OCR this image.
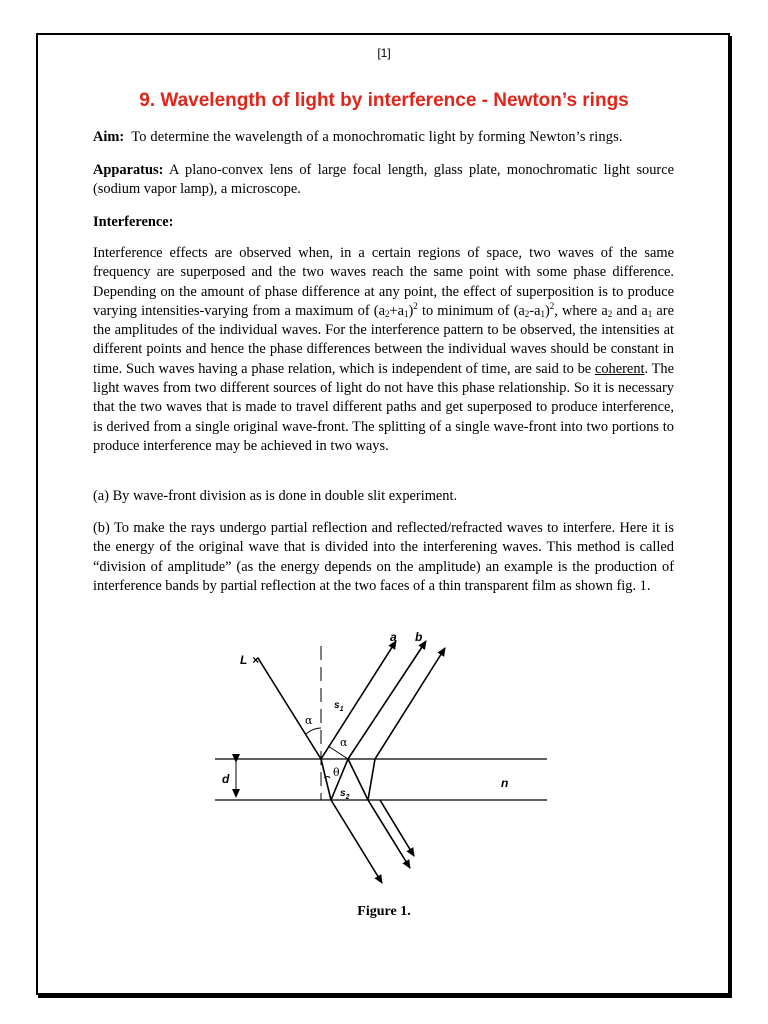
[1]
9. Wavelength of light by interference - Newton’s rings
Aim: To determine the wavelength of a monochromatic light by forming Newton’s rings.
Apparatus: A plano-convex lens of large focal length, glass plate, monochromatic light source (sodium vapor lamp), a microscope.
Interference:
Interference effects are observed when, in a certain regions of space, two waves of the same frequency are superposed and the two waves reach the same point with some phase difference. Depending on the amount of phase difference at any point, the effect of superposition is to produce varying intensities-varying from a maximum of $(a_2+a_1)^2$ to minimum of $(a_2-a_1)^2$, where $a_2$ and $a_1$ are the amplitudes of the individual waves. For the interference pattern to be observed, the intensities at different points and hence the phase differences between the individual waves should be constant in time. Such waves having a phase relation, which is independent of time, are said to be coherent. The light waves from two different sources of light do not have this phase relationship. So it is necessary that the two waves that is made to travel different paths and get superposed to produce interference, is derived from a single original wave-front. The splitting of a single wave-front into two portions to produce interference may be achieved in two ways.
(a) By wave-front division as is done in double slit experiment.
(b) To make the rays undergo partial reflection and reflected/refracted waves to interfere. Here it is the energy of the original wave that is divided into the interferening waves. This method is called “division of amplitude” (as the energy depends on the amplitude) an example is the production of interference bands by partial reflection at the two faces of a thin transparent film as shown fig. 1.
L ×
a b
$s_1$
$s_2$
d	n
α
α
θ
Figure 1.
